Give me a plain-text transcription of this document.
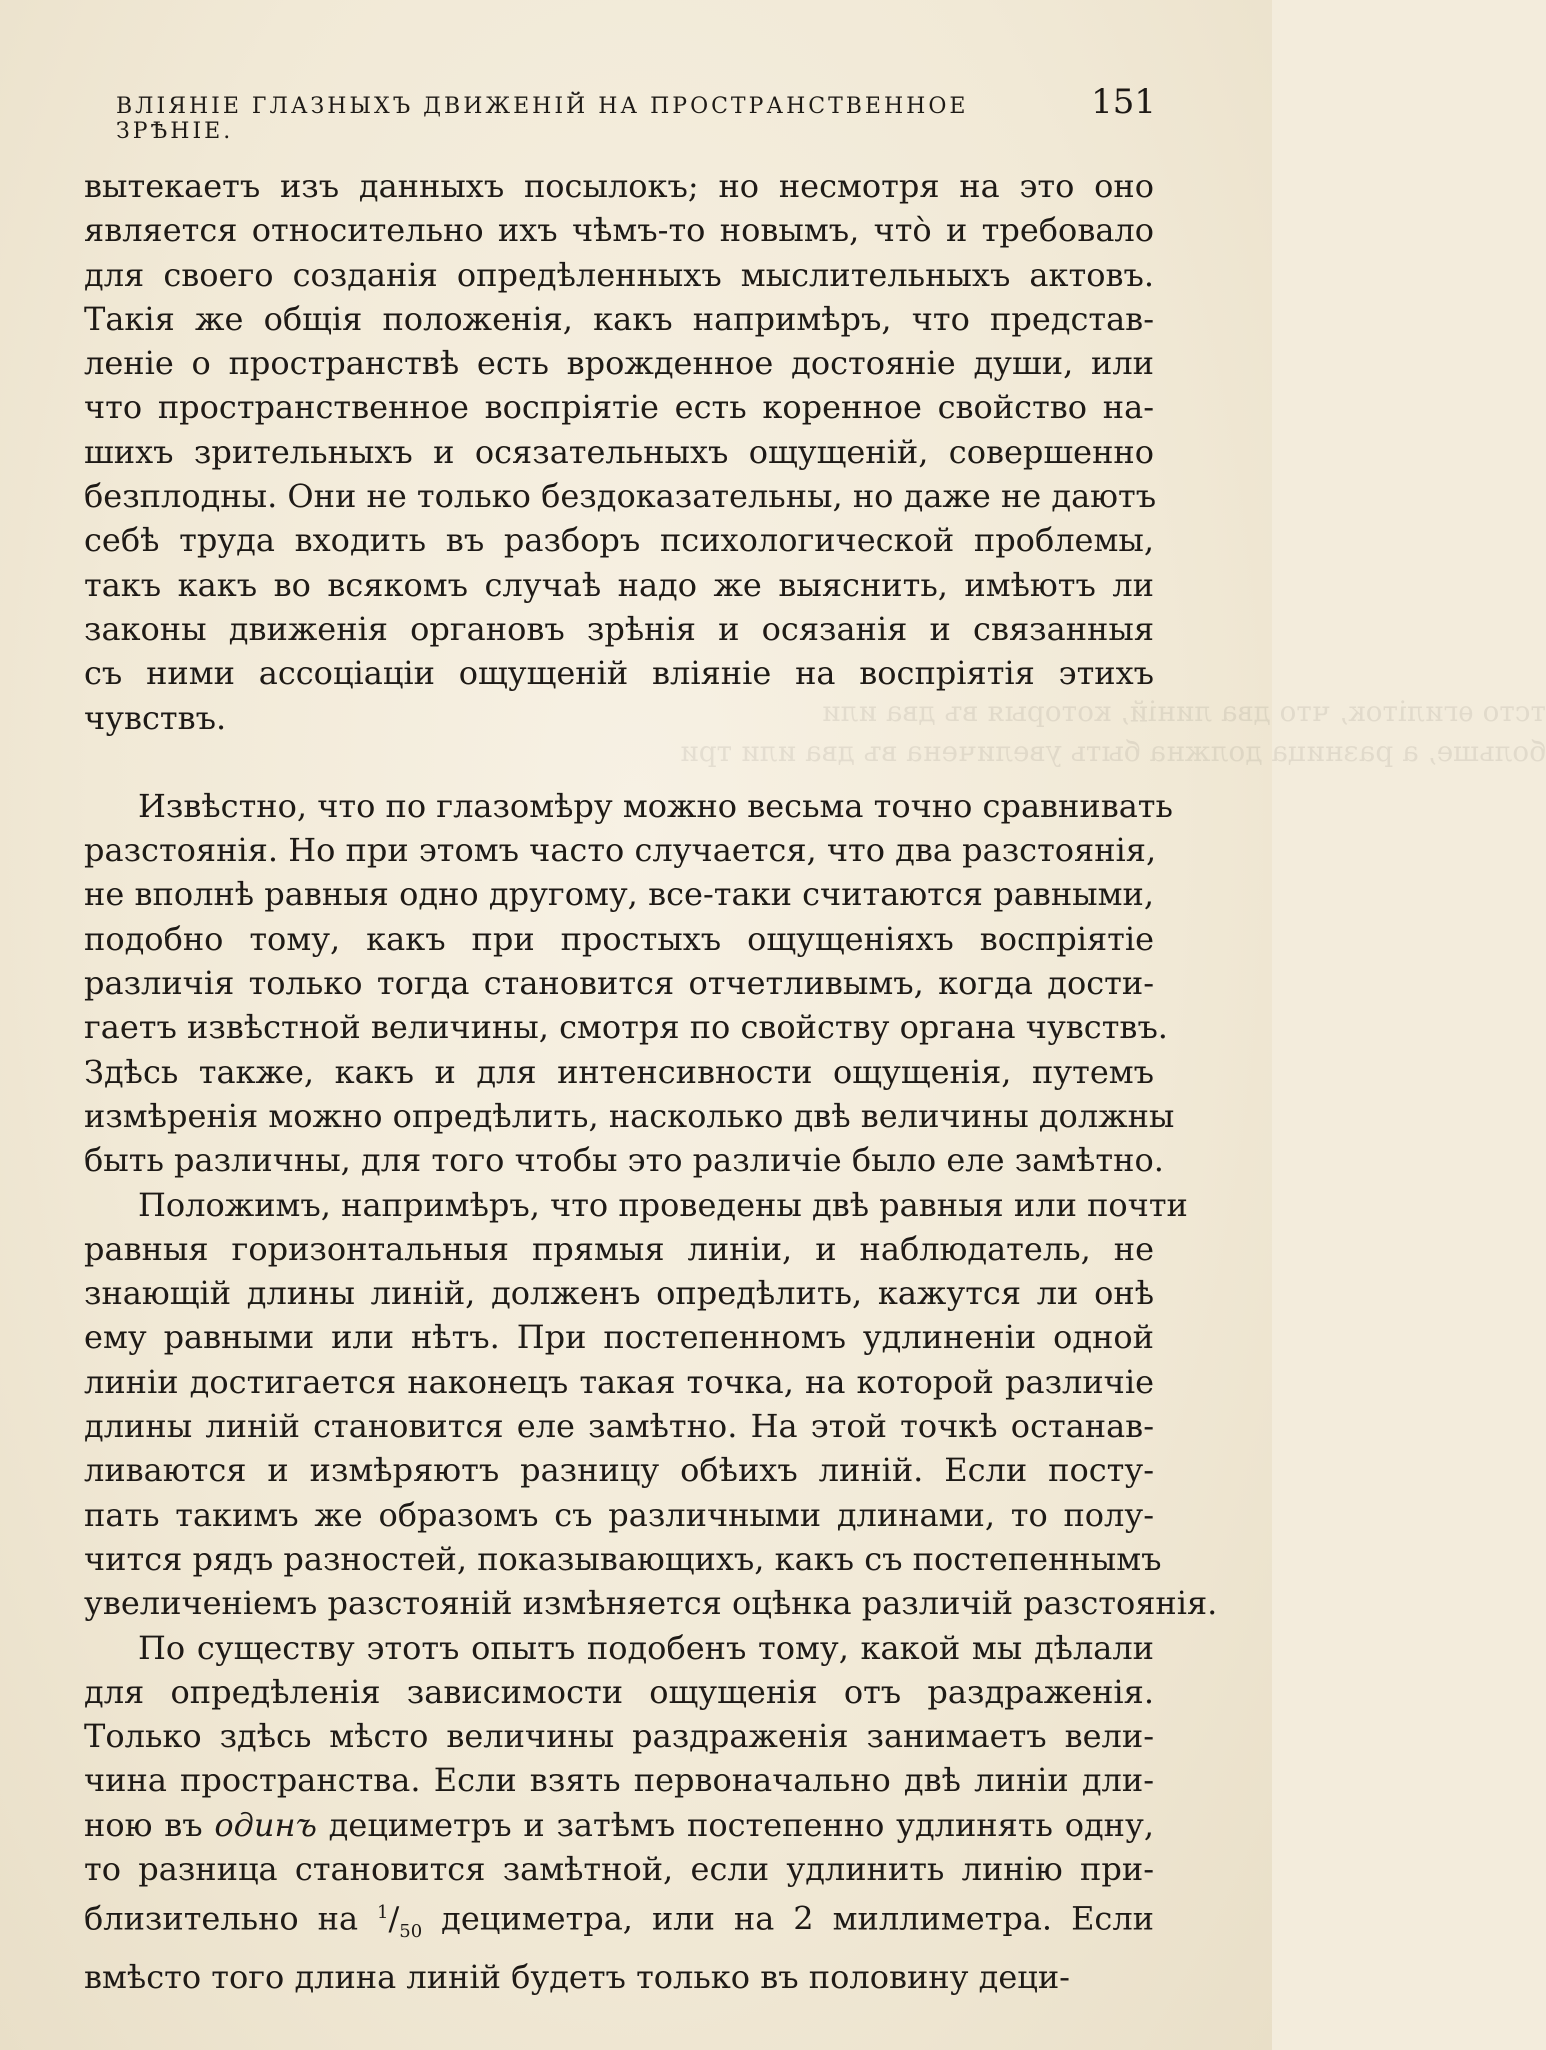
ВЛІЯНІЕ ГЛАЗНЫХЪ ДВИЖЕНІЙ НА ПРОСТРАНСТВЕННОЕ ЗРѢНІЕ.
151
тсто ѳгиліток, что два линій, которыя въ два или
больше, а разница должна быть увеличена въ два или три
вытекаетъ изъ данныхъ посылокъ; но несмотря на это оно
является относительно ихъ чѣмъ-то новымъ, что̀ и требовало
для своего созданія опредѣленныхъ мыслительныхъ актовъ.
Такія же общія положенія, какъ напримѣръ, что представ-
леніе о пространствѣ есть врожденное достояніе души, или
что пространственное воспріятіе есть коренное свойство на-
шихъ зрительныхъ и осязательныхъ ощущеній, совершенно
безплодны. Они не только бездоказательны, но даже не даютъ
себѣ труда входить въ разборъ психологической проблемы,
такъ какъ во всякомъ случаѣ надо же выяснить, имѣютъ ли
законы движенія органовъ зрѣнія и осязанія и связанныя
съ ними ассоціаціи ощущеній вліяніе на воспріятія этихъ
чувствъ.
Извѣстно, что по глазомѣру можно весьма точно сравнивать
разстоянія. Но при этомъ часто случается, что два разстоянія,
не вполнѣ равныя одно другому, все-таки считаются равными,
подобно тому, какъ при простыхъ ощущеніяхъ воспріятіе
различія только тогда становится отчетливымъ, когда дости-
гаетъ извѣстной величины, смотря по свойству органа чувствъ.
Здѣсь также, какъ и для интенсивности ощущенія, путемъ
измѣренія можно опредѣлить, насколько двѣ величины должны
быть различны, для того чтобы это различіе было еле замѣтно.
Положимъ, напримѣръ, что проведены двѣ равныя или почти
равныя горизонтальныя прямыя линіи, и наблюдатель, не
знающій длины линій, долженъ опредѣлить, кажутся ли онѣ
ему равными или нѣтъ. При постепенномъ удлиненіи одной
линіи достигается наконецъ такая точка, на которой различіе
длины линій становится еле замѣтно. На этой точкѣ останав-
ливаются и измѣряютъ разницу обѣихъ линій. Если посту-
пать такимъ же образомъ съ различными длинами, то полу-
чится рядъ разностей, показывающихъ, какъ съ постепеннымъ
увеличеніемъ разстояній измѣняется оцѣнка различій разстоянія.
По существу этотъ опытъ подобенъ тому, какой мы дѣлали
для опредѣленія зависимости ощущенія отъ раздраженія.
Только здѣсь мѣсто величины раздраженія занимаетъ вели-
чина пространства. Если взять первоначально двѣ линіи дли-
ною въ одинъ дециметръ и затѣмъ постепенно удлинять одну,
то разница становится замѣтной, если удлинить линію при-
близительно на $^1/_{50}$ дециметра, или на 2 миллиметра. Если
вмѣсто того длина линій будетъ только въ половину деци-
